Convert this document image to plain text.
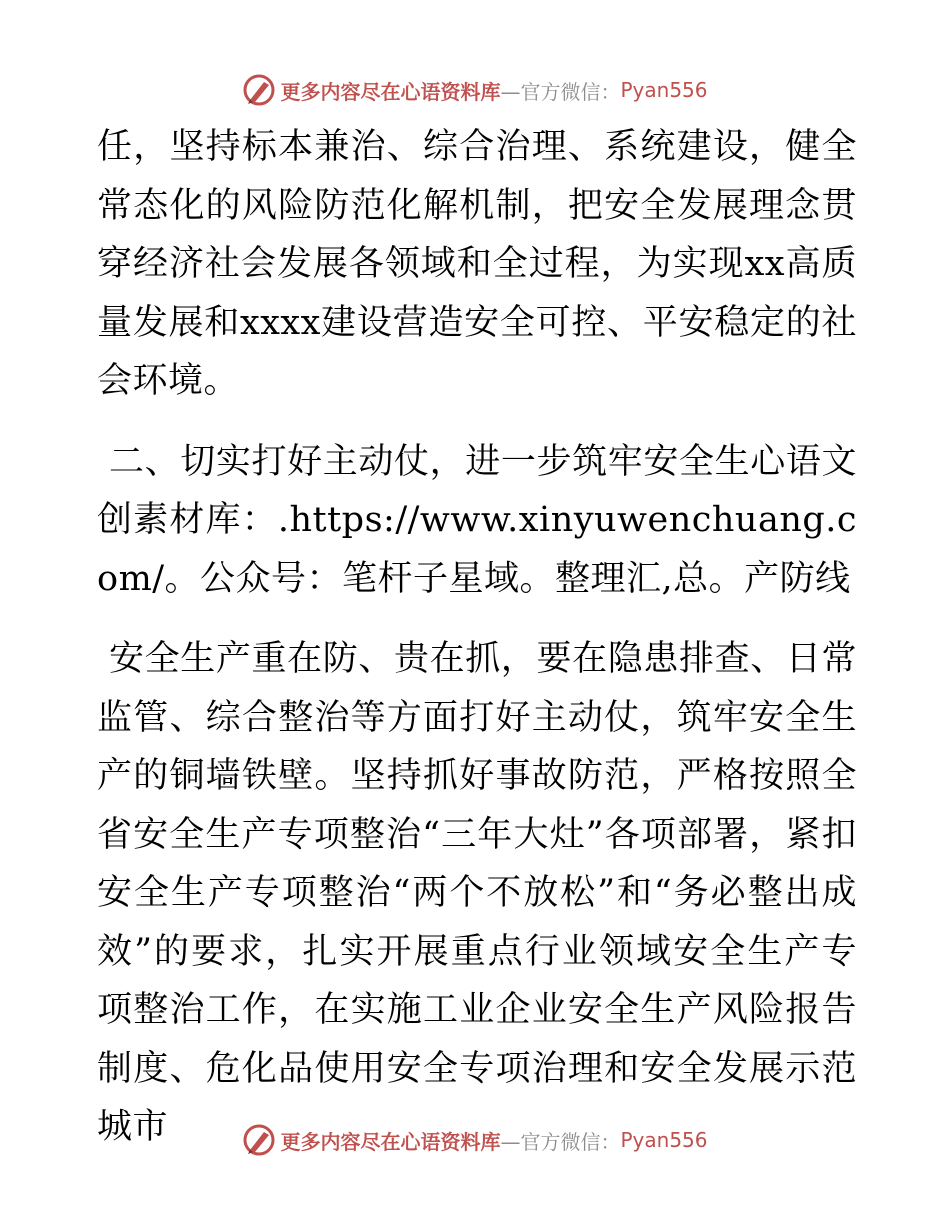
更多内容尽在心语资料库 —官方微信： Pyan556

任，坚持标本兼治、综合治理、系统建设，健全常态化的风险防范化解机制，把安全发展理念贯穿经济社会发展各领域和全过程，为实现xx高质量发展和xxxx建设营造安全可控、平安稳定的社会环境。

二、切实打好主动仗，进一步筑牢安全生心语文创素材库：.https://www.xinyuwenchuang.com/。公众号：笔杆子星域。整理汇,总。产防线

安全生产重在防、贵在抓，要在隐患排查、日常监管、综合整治等方面打好主动仗，筑牢安全生产的铜墙铁壁。坚持抓好事故防范，严格按照全省安全生产专项整治“三年大灶”各项部署，紧扣安全生产专项整治“两个不放松”和“务必整出成效”的要求，扎实开展重点行业领域安全生产专项整治工作，在实施工业企业安全生产风险报告制度、危化品使用安全专项治理和安全发展示范城市	更多内容尽在心语资料库 —官方微信： Pyan556
